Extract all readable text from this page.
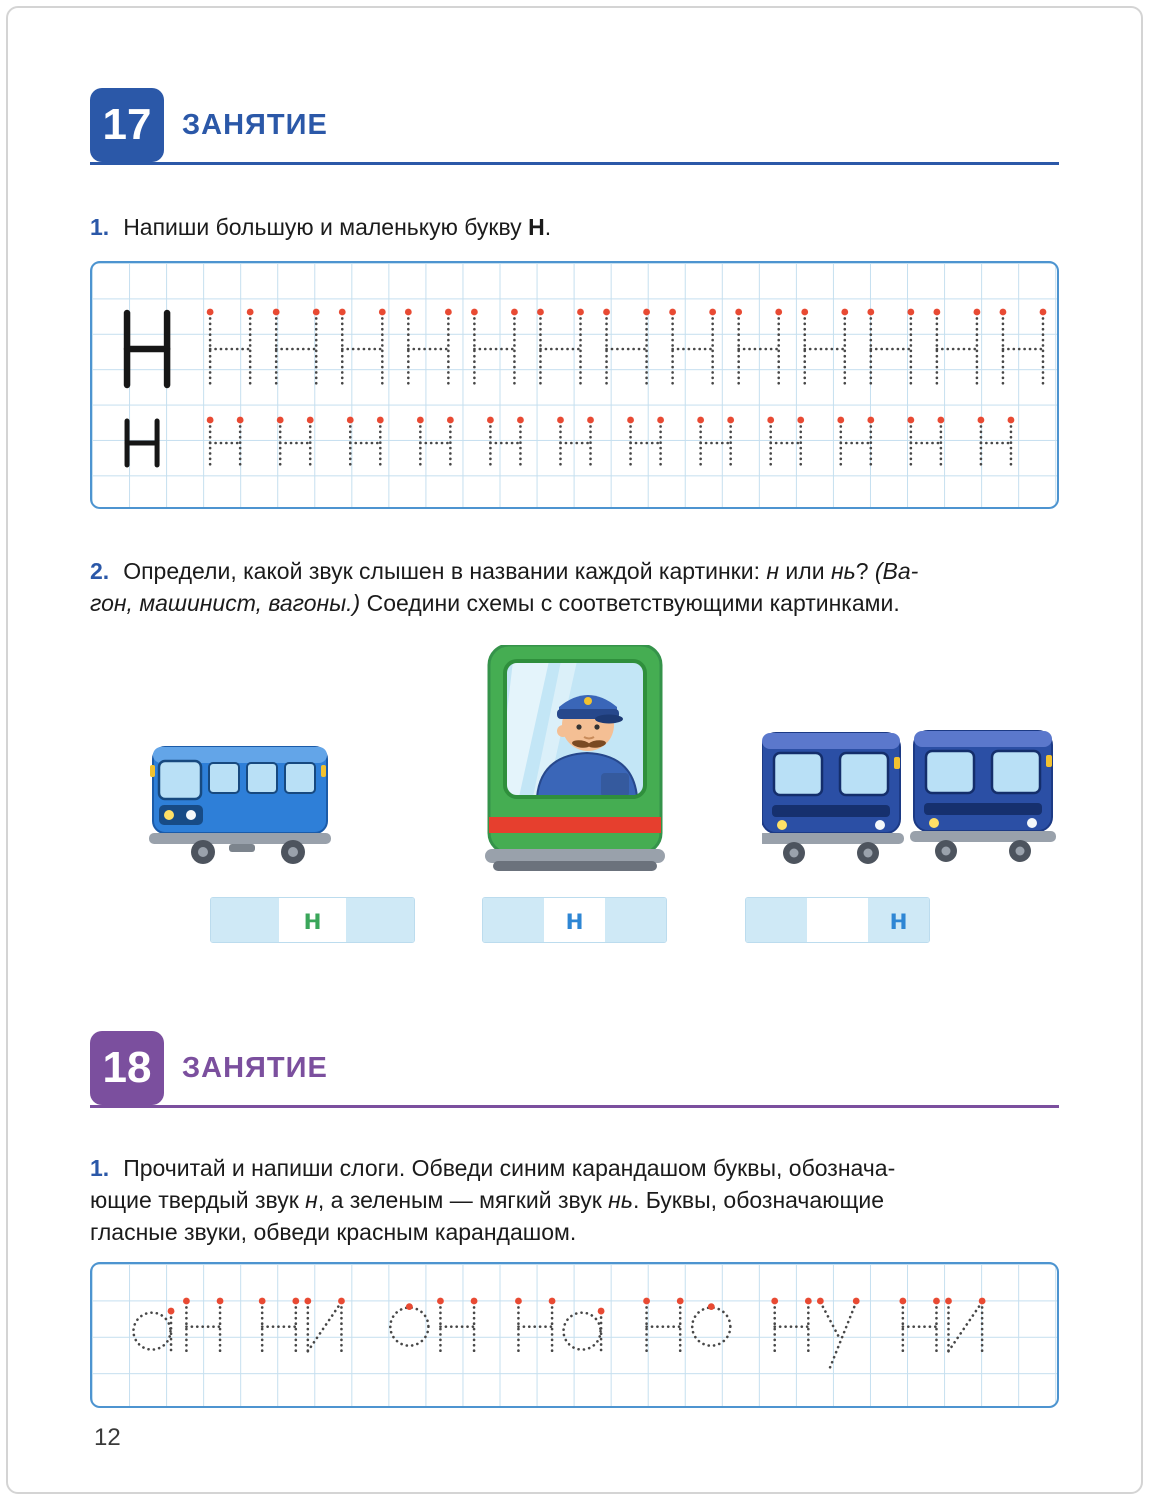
17 ЗАНЯТИЕ

1. Напиши большую и маленькую букву Н.

2. Определи, какой звук слышен в названии каждой картинки: н или нь? (Ва-
гон, машинист, вагоны.) Соедини схемы с соответствующими картинками.

н	н	н
18 ЗАНЯТИЕ

1. Прочитай и напиши слоги. Обведи синим карандашом буквы, обознача-
ющие твердый звук н, а зеленым — мягкий звук нь. Буквы, обозначающие
гласные звуки, обведи красным карандашом.

12
